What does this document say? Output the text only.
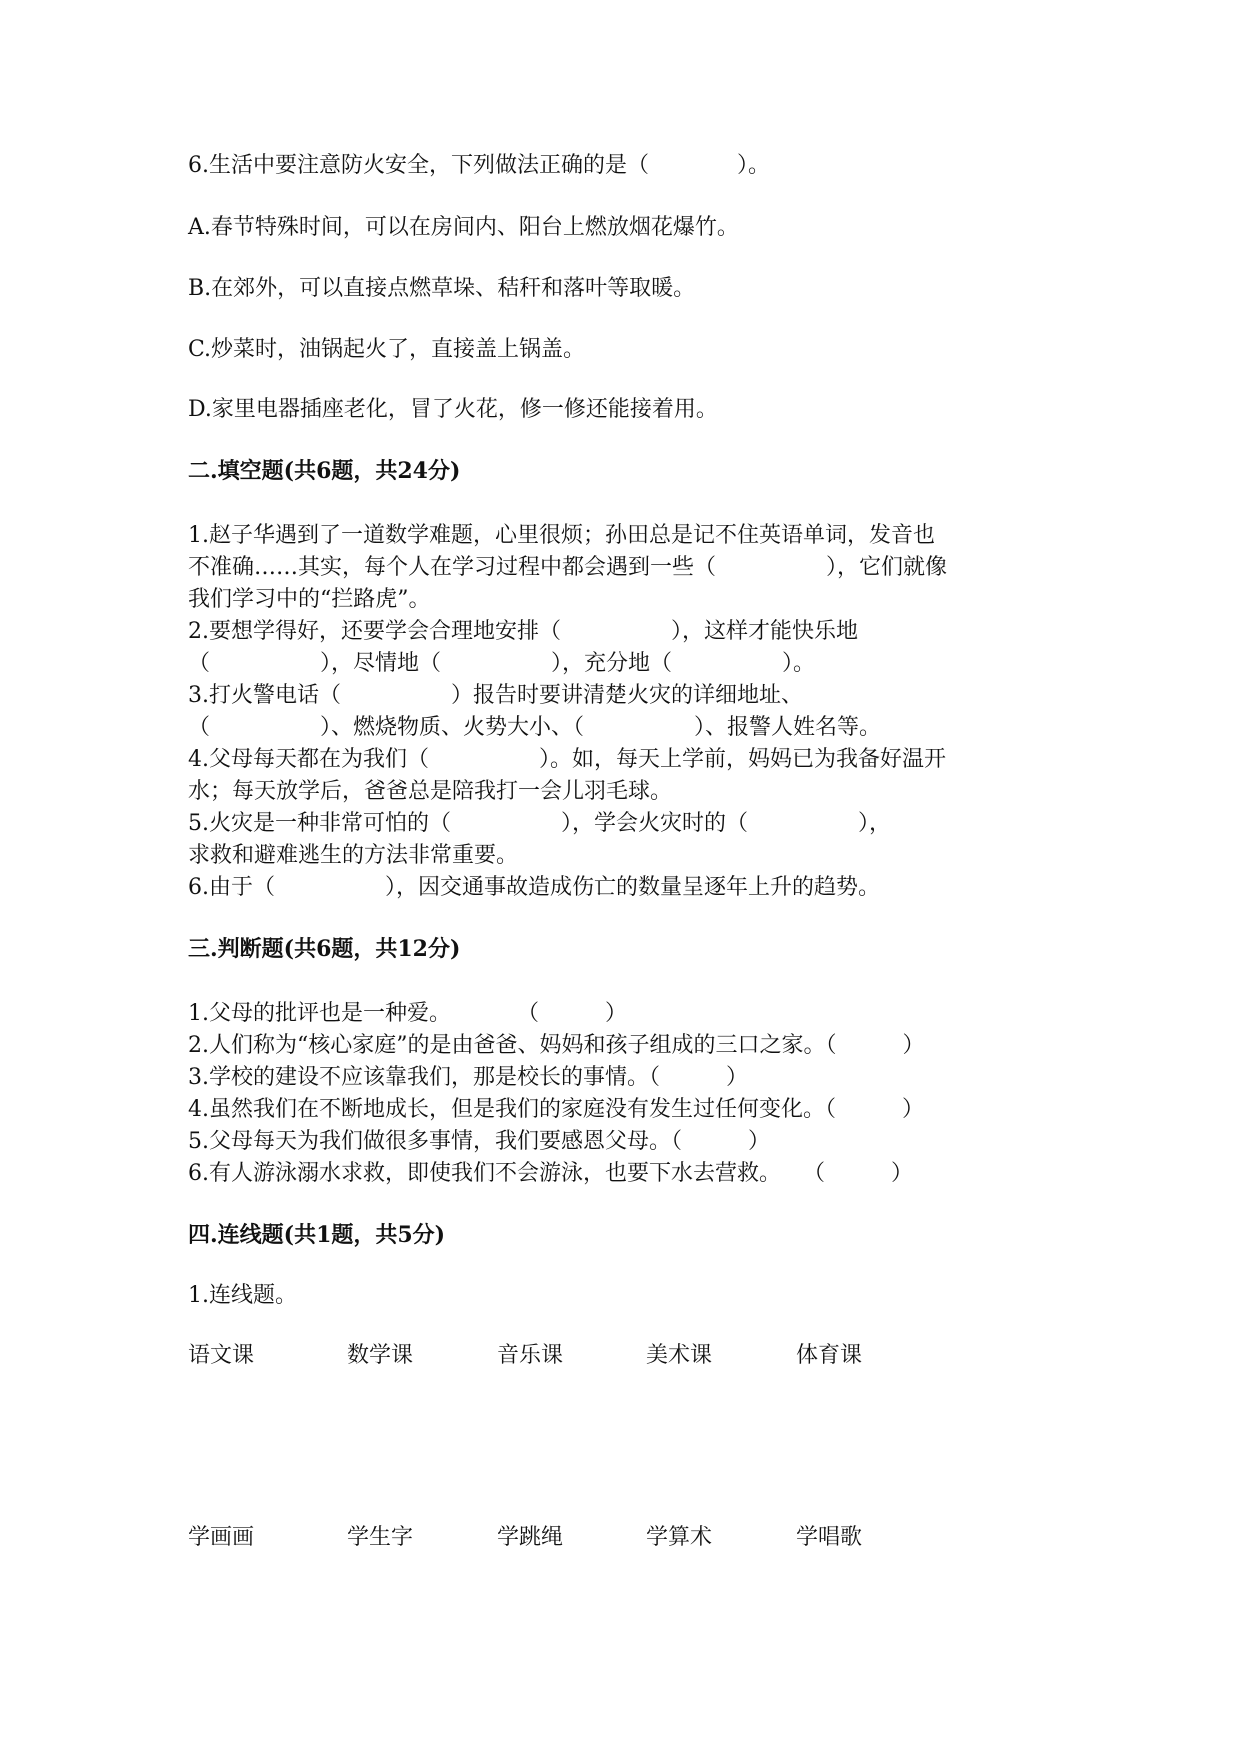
6.生活中要注意防火安全，下列做法正确的是（　　　　）。
A.春节特殊时间，可以在房间内、阳台上燃放烟花爆竹。
B.在郊外，可以直接点燃草垛、秸秆和落叶等取暖。
C.炒菜时，油锅起火了，直接盖上锅盖。
D.家里电器插座老化，冒了火花，修一修还能接着用。
二.填空题(共6题，共24分)
1.赵子华遇到了一道数学难题，心里很烦；孙田总是记不住英语单词，发音也
不准确……其实，每个人在学习过程中都会遇到一些（　　　　　），它们就像
我们学习中的“拦路虎”。
2.要想学得好，还要学会合理地安排（　　　　　），这样才能快乐地
（　　　　　），尽情地（　　　　　），充分地（　　　　　）。
3.打火警电话（　　　　　）报告时要讲清楚火灾的详细地址、
（　　　　　）、燃烧物质、火势大小、（　　　　　）、报警人姓名等。
4.父母每天都在为我们（　　　　　）。如，每天上学前，妈妈已为我备好温开
水；每天放学后，爸爸总是陪我打一会儿羽毛球。
5.火灾是一种非常可怕的（　　　　　），学会火灾时的（　　　　　），
求救和避难逃生的方法非常重要。
6.由于（　　　　　），因交通事故造成伤亡的数量呈逐年上升的趋势。
三.判断题(共6题，共12分)
1.父母的批评也是一种爱。　　　　（　　　）
2.人们称为“核心家庭”的是由爸爸、妈妈和孩子组成的三口之家。（　　　）
3.学校的建设不应该靠我们，那是校长的事情。（　　　）
4.虽然我们在不断地成长，但是我们的家庭没有发生过任何变化。（　　　）
5.父母每天为我们做很多事情，我们要感恩父母。（　　　）
6.有人游泳溺水求救，即使我们不会游泳，也要下水去营救。　　（　　　）
四.连线题(共1题，共5分)
1.连线题。
语文课	数学课	音乐课	美术课	体育课
学画画	学生字	学跳绳	学算术	学唱歌
